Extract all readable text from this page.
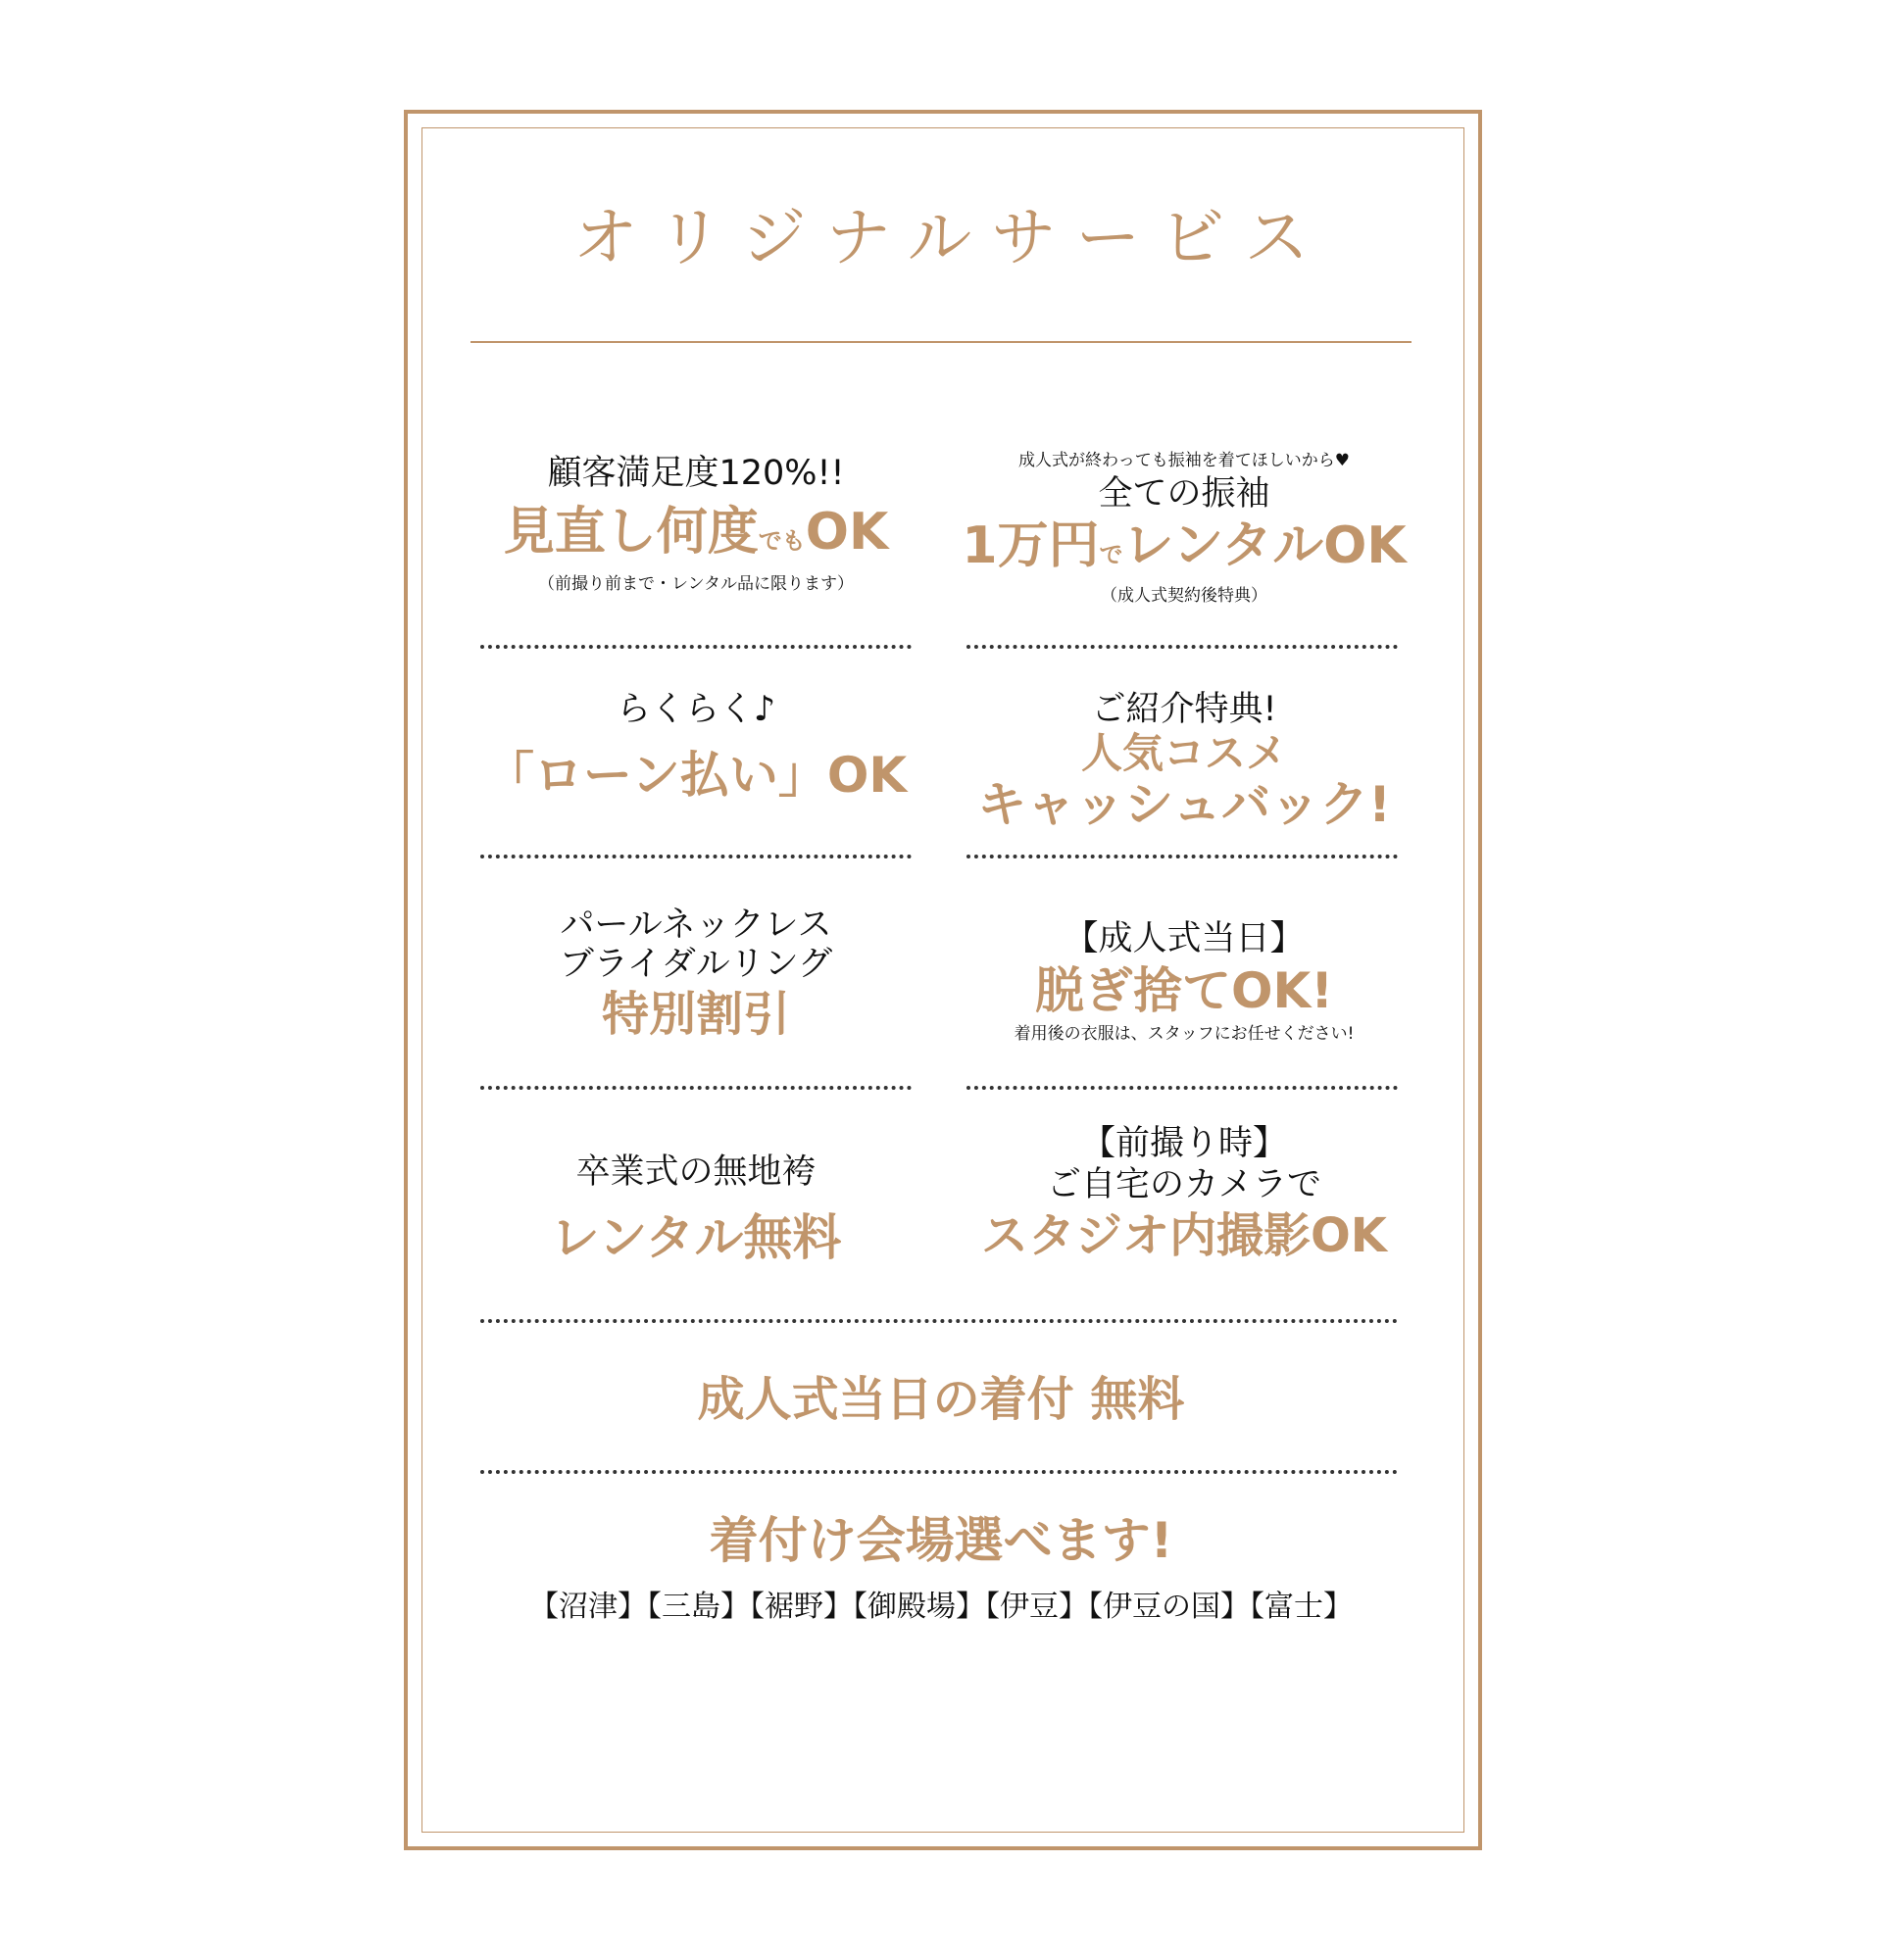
オリジナルサービス
顧客満足度120%!!
見直し何度でもOK
（前撮り前まで・レンタル品に限ります）
成人式が終わっても振袖を着てほしいから♥
全ての振袖
1万円でレンタルOK
（成人式契約後特典）
らくらく♪
「ローン払い」OK
ご紹介特典!
人気コスメ
キャッシュバック!
パールネックレス
ブライダルリング
特別割引
【成人式当日】
脱ぎ捨てOK!
着用後の衣服は、スタッフにお任せください!
卒業式の無地袴
レンタル無料
【前撮り時】
ご自宅のカメラで
スタジオ内撮影OK
成人式当日の着付 無料
着付け会場選べます!
【沼津】【三島】【裾野】【御殿場】【伊豆】【伊豆の国】【富士】
